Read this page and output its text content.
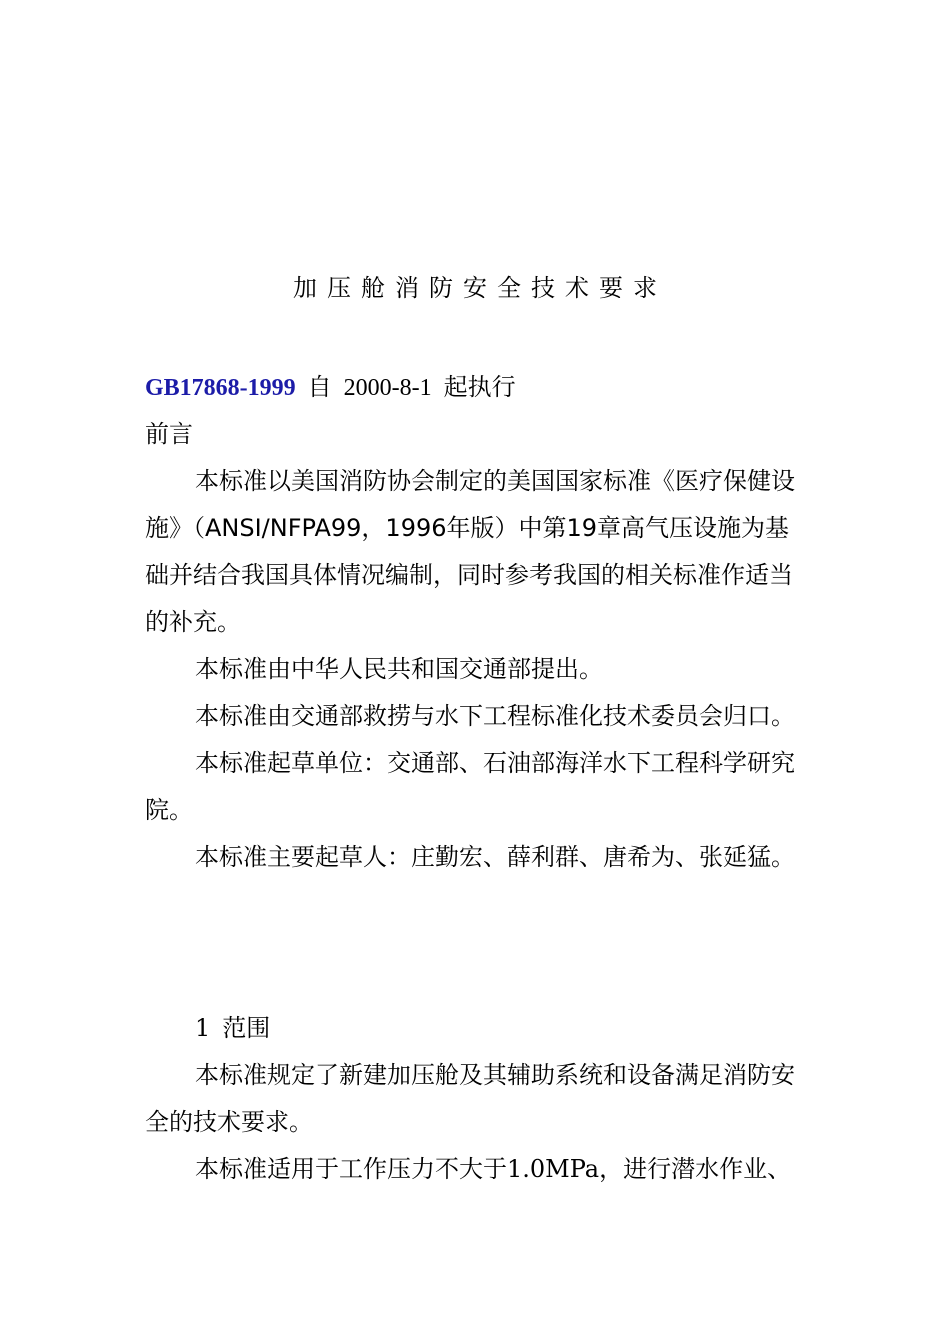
加压舱消防安全技术要求
GB17868-1999 自 2000-8-1 起执行

前言

本标准以美国消防协会制定的美国国家标准《医疗保健设施》（ANSI/NFPA99，1996年版）中第19章高气压设施为基础并结合我国具体情况编制，同时参考我国的相关标准作适当的补充。

本标准由中华人民共和国交通部提出。

本标准由交通部救捞与水下工程标准化技术委员会归口。

本标准起草单位：交通部、石油部海洋水下工程科学研究院。

本标准主要起草人：庄勤宏、薛利群、唐希为、张延猛。

1 范围

本标准规定了新建加压舱及其辅助系统和设备满足消防安全的技术要求。

本标准适用于工作压力不大于1.0MPa，进行潜水作业、
